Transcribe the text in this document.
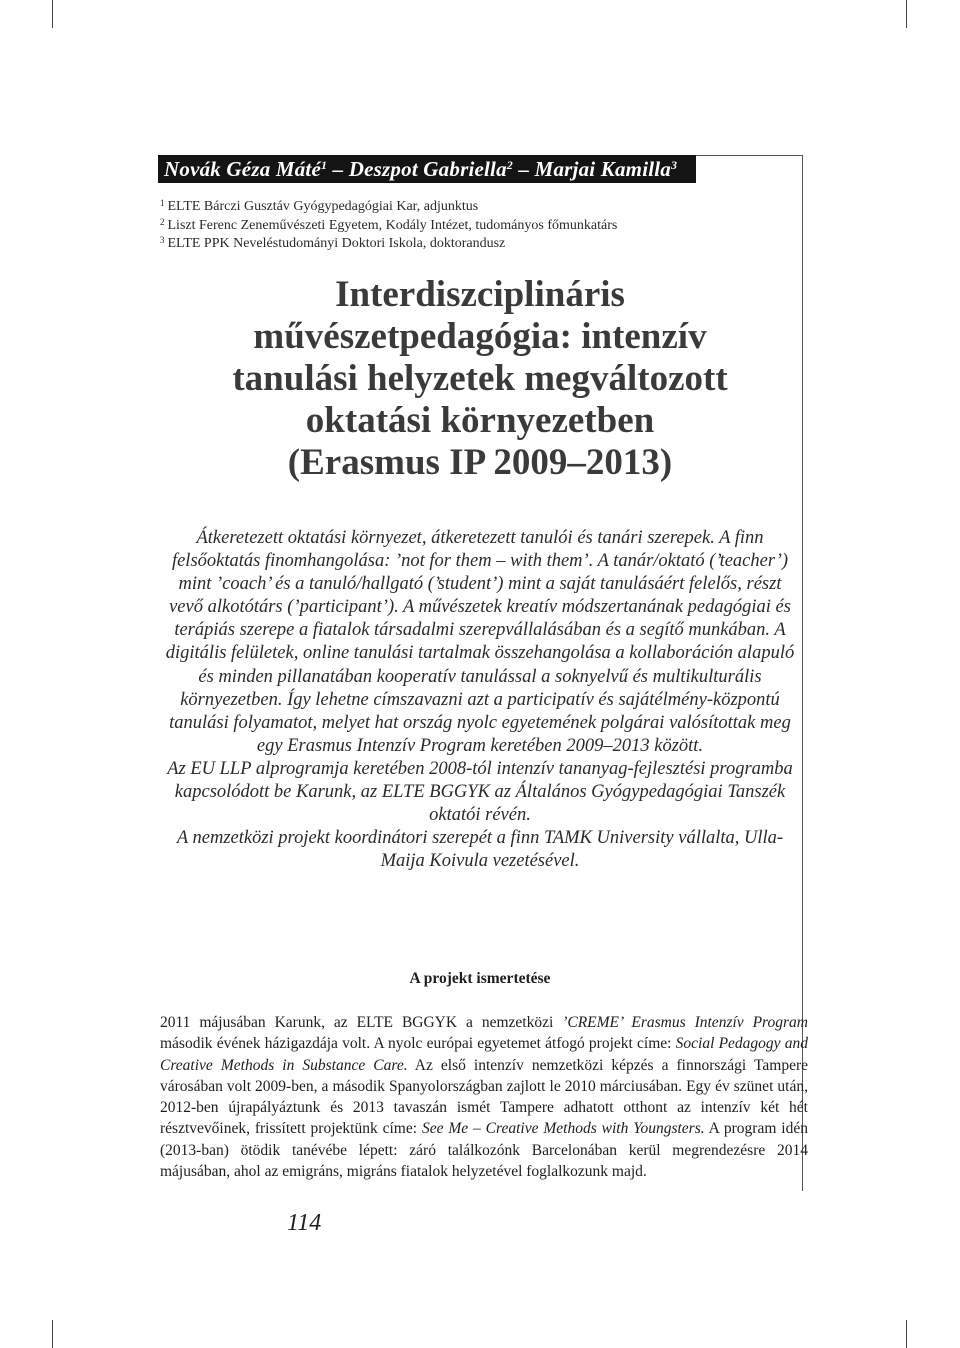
Novák Géza Máté$^1$ – Deszpot Gabriella$^2$ – Marjai Kamilla$^3$
$^1$ ELTE Bárczi Gusztáv Gyógypedagógiai Kar, adjunktus
$^2$ Liszt Ferenc Zeneművészeti Egyetem, Kodály Intézet, tudományos főmunkatárs
$^3$ ELTE PPK Neveléstudományi Doktori Iskola, doktorandusz
Interdiszciplináris
művészetpedagógia: intenzív
tanulási helyzetek megváltozott
oktatási környezetben
(Erasmus IP 2009–2013)

Átkeretezett oktatási környezet, átkeretezett tanulói és tanári szerepek. A finn felsőoktatás finomhangolása: ’not for them – with them’. A tanár/oktató (’teacher’) mint ’coach’ és a tanuló/hallgató (’student’) mint a saját tanulásáért felelős, részt vevő alkotótárs (’participant’). A művészetek kreatív módszertanának pedagógiai és terápiás szerepe a fiatalok társadalmi szerepvállalásában és a segítő munkában. A digitális felületek, online tanulási tartalmak összehangolása a kollaboráción alapuló és minden pillanatában kooperatív tanulással a soknyelvű és multikulturális környezetben. Így lehetne címszavazni azt a participatív és sajátélmény-központú tanulási folyamatot, melyet hat ország nyolc egyetemének polgárai valósítottak meg egy Erasmus Intenzív Program keretében 2009–2013 között.

Az EU LLP alprogramja keretében 2008-tól intenzív tananyag-fejlesztési programba kapcsolódott be Karunk, az ELTE BGGYK az Általános Gyógypedagógiai Tanszék oktatói révén.

A nemzetközi projekt koordinátori szerepét a finn TAMK University vállalta, Ulla-Maija Koivula vezetésével.

A projekt ismertetése
2011 májusában Karunk, az ELTE BGGYK a nemzetközi ’CREME’ Erasmus Intenzív Program második évének házigazdája volt. A nyolc európai egyetemet átfogó projekt címe: Social Pedagogy and Creative Methods in Substance Care. Az első intenzív nemzetközi képzés a finnországi Tampere városában volt 2009-ben, a második Spanyolországban zajlott le 2010 márciusában. Egy év szünet után, 2012-ben újrapályáztunk és 2013 tavaszán ismét Tampere adhatott otthont az intenzív két hét résztvevőinek, frissített projektünk címe: See Me – Creative Methods with Youngsters. A program idén (2013-ban) ötödik tanévébe lépett: záró találkozónk Barcelonában kerül megrendezésre 2014 májusában, ahol az emigráns, migráns fiatalok helyzetével foglalkozunk majd.
114
